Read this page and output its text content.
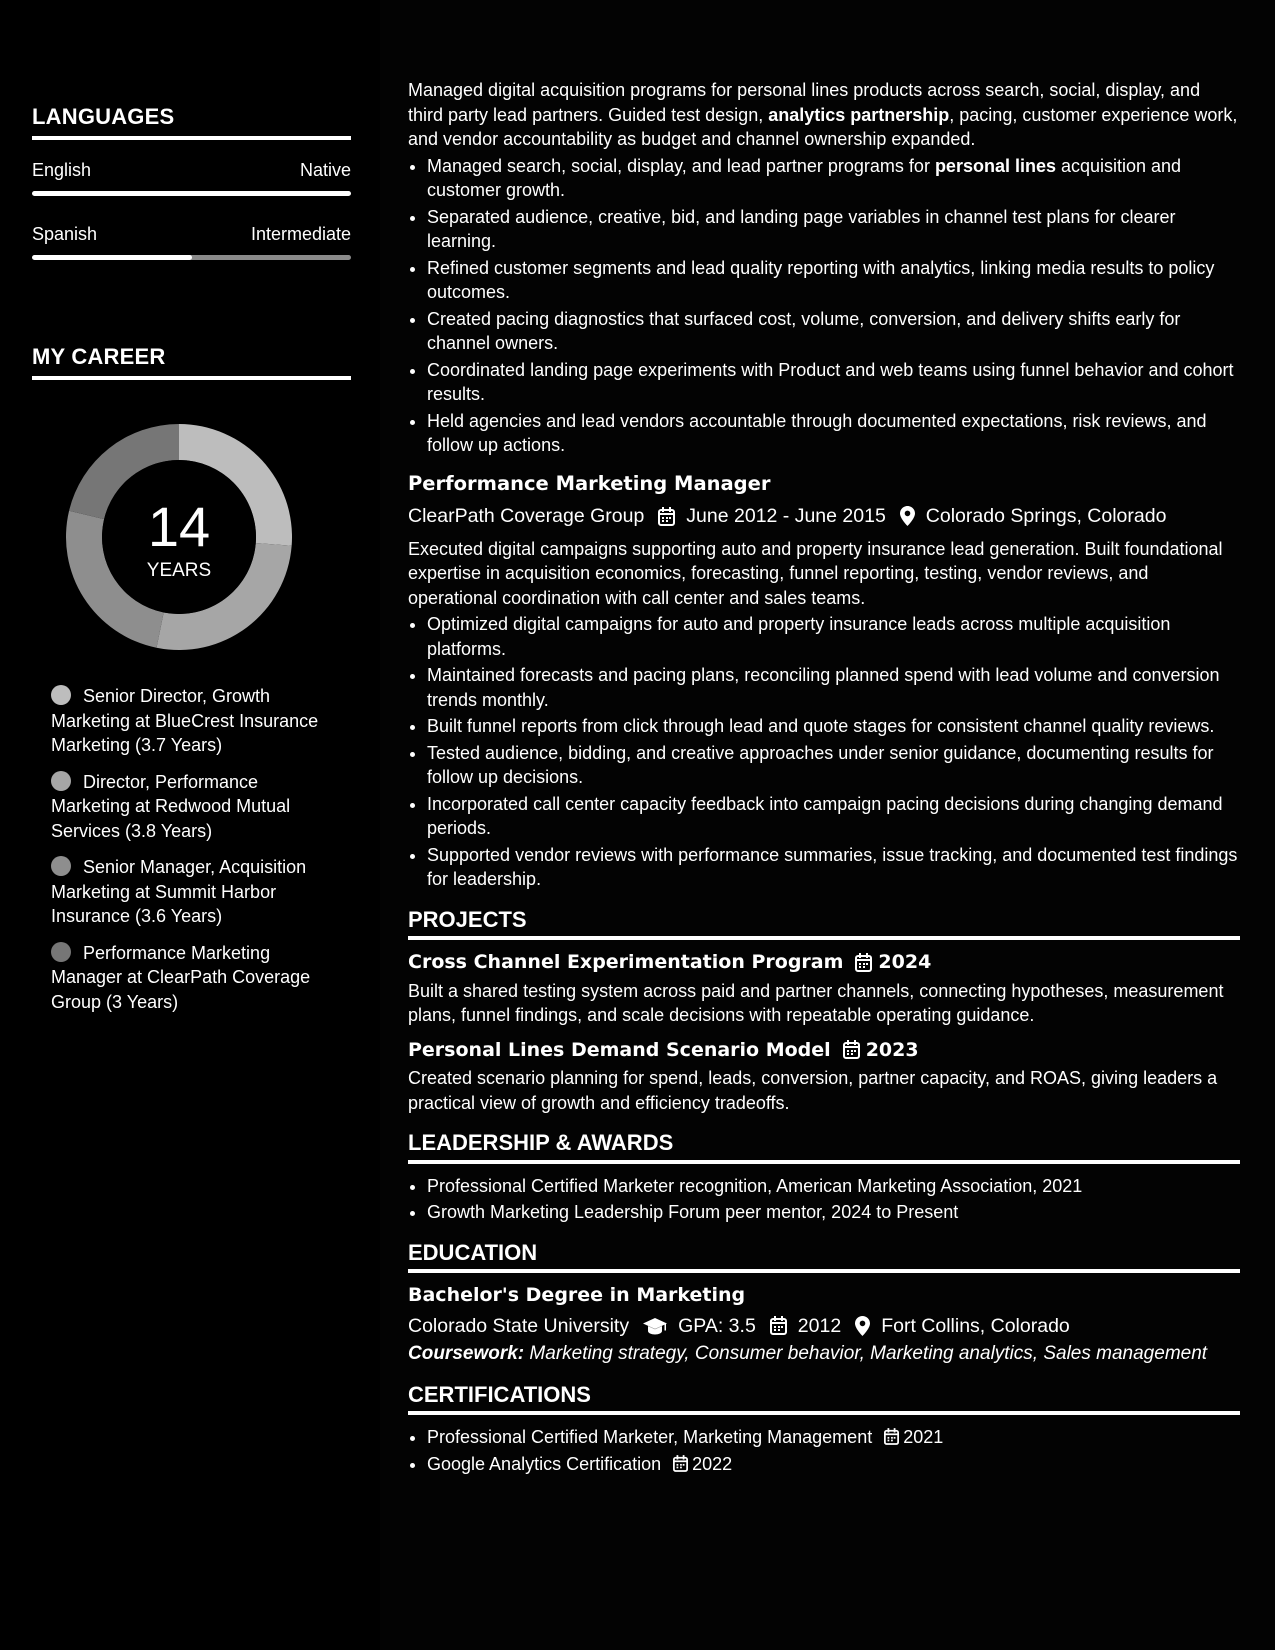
LANGUAGES
English	Native
Spanish	Intermediate
MY CAREER
14
YEARS
Senior Director, Growth Marketing at BlueCrest Insurance Marketing (3.7 Years)
Director, Performance Marketing at Redwood Mutual Services (3.8 Years)
Senior Manager, Acquisition Marketing at Summit Harbor Insurance (3.6 Years)
Performance Marketing Manager at ClearPath Coverage Group (3 Years)

Managed digital acquisition programs for personal lines products across search, social, display, and third party lead partners. Guided test design, analytics partnership, pacing, customer experience work, and vendor accountability as budget and channel ownership expanded.

• Managed search, social, display, and lead partner programs for personal lines acquisition and customer growth.
• Separated audience, creative, bid, and landing page variables in channel test plans for clearer learning.
• Refined customer segments and lead quality reporting with analytics, linking media results to policy outcomes.
• Created pacing diagnostics that surfaced cost, volume, conversion, and delivery shifts early for channel owners.
• Coordinated landing page experiments with Product and web teams using funnel behavior and cohort results.
• Held agencies and lead vendors accountable through documented expectations, risk reviews, and follow up actions.
Performance Marketing Manager
ClearPath Coverage Group June 2012 - June 2015 Colorado Springs, Colorado

Executed digital campaigns supporting auto and property insurance lead generation. Built foundational expertise in acquisition economics, forecasting, funnel reporting, testing, vendor reviews, and operational coordination with call center and sales teams.

• Optimized digital campaigns for auto and property insurance leads across multiple acquisition platforms.
• Maintained forecasts and pacing plans, reconciling planned spend with lead volume and conversion trends monthly.
• Built funnel reports from click through lead and quote stages for consistent channel quality reviews.
• Tested audience, bidding, and creative approaches under senior guidance, documenting results for follow up decisions.
• Incorporated call center capacity feedback into campaign pacing decisions during changing demand periods.
• Supported vendor reviews with performance summaries, issue tracking, and documented test findings for leadership.
PROJECTS
Cross Channel Experimentation Program 2024

Built a shared testing system across paid and partner channels, connecting hypotheses, measurement plans, funnel findings, and scale decisions with repeatable operating guidance.

Personal Lines Demand Scenario Model 2023

Created scenario planning for spend, leads, conversion, partner capacity, and ROAS, giving leaders a practical view of growth and efficiency tradeoffs.

LEADERSHIP & AWARDS
• Professional Certified Marketer recognition, American Marketing Association, 2021
• Growth Marketing Leadership Forum peer mentor, 2024 to Present
EDUCATION
Bachelor's Degree in Marketing
Colorado State University	GPA: 3.5 2012 Fort Collins, Colorado

Coursework: Marketing strategy, Consumer behavior, Marketing analytics, Sales management

CERTIFICATIONS
• Professional Certified Marketer, Marketing Management 2021
• Google Analytics Certification 2022
